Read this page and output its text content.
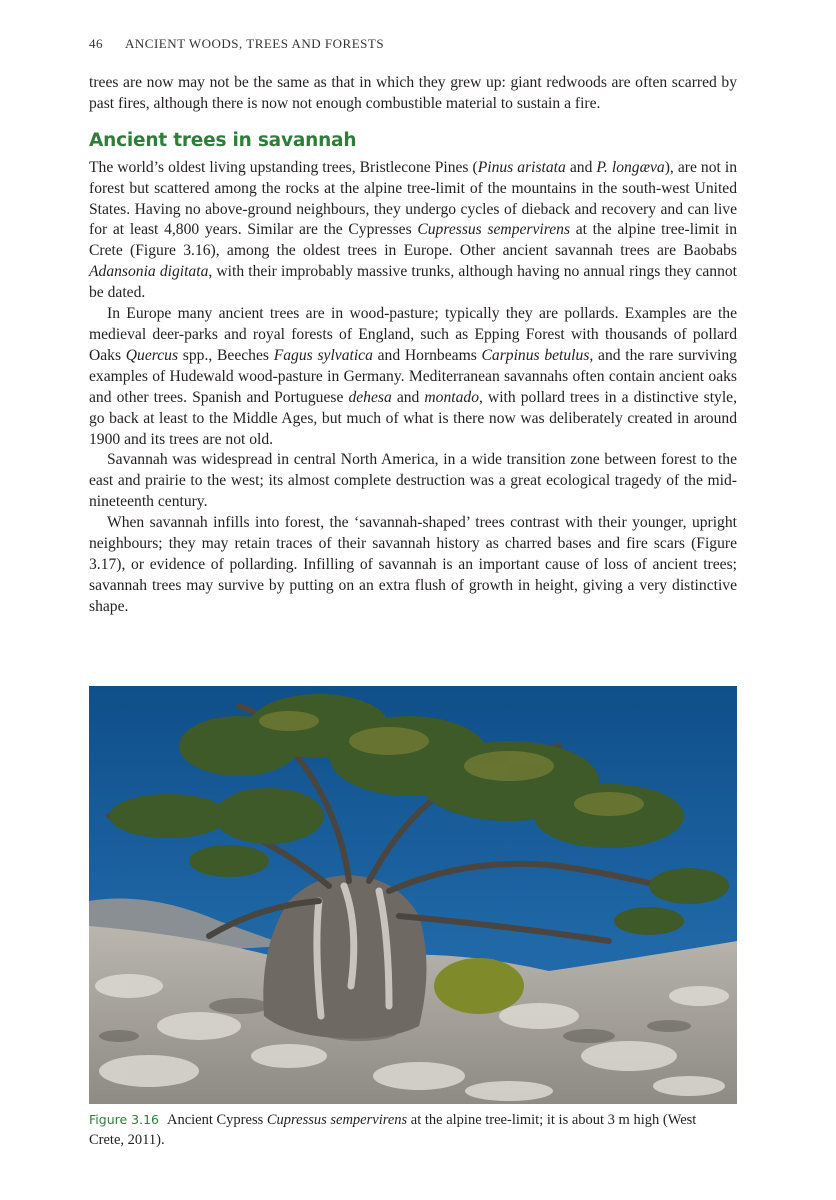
46 ANCIENT WOODS, TREES AND FORESTS

trees are now may not be the same as that in which they grew up: giant redwoods are often scarred by past fires, although there is now not enough combustible material to sustain a fire.

Ancient trees in savannah

The world’s oldest living upstanding trees, Bristlecone Pines (Pinus aristata and P. longæva), are not in forest but scattered among the rocks at the alpine tree-limit of the mountains in the south-west United States. Having no above-ground neighbours, they undergo cycles of dieback and recovery and can live for at least 4,800 years. Similar are the Cypresses Cupressus sempervirens at the alpine tree-limit in Crete (Figure 3.16), among the oldest trees in Europe. Other ancient savannah trees are Baobabs Adansonia digitata, with their improbably massive trunks, although having no annual rings they cannot be dated.

In Europe many ancient trees are in wood-pasture; typically they are pollards. Examples are the medieval deer-parks and royal forests of England, such as Epping Forest with thousands of pollard Oaks Quercus spp., Beeches Fagus sylvatica and Hornbeams Carpinus betulus, and the rare surviving examples of Hudewald wood-pasture in Germany. Mediterranean savannahs often contain ancient oaks and other trees. Spanish and Portuguese dehesa and montado, with pollard trees in a distinctive style, go back at least to the Middle Ages, but much of what is there now was deliberately created in around 1900 and its trees are not old.

Savannah was widespread in central North America, in a wide transition zone between forest to the east and prairie to the west; its almost complete destruction was a great ecological tragedy of the mid-nineteenth century.

When savannah infills into forest, the ‘savannah-shaped’ trees contrast with their younger, upright neighbours; they may retain traces of their savannah history as charred bases and fire scars (Figure 3.17), or evidence of pollarding. Infilling of savannah is an important cause of loss of ancient trees; savannah trees may survive by putting on an extra flush of growth in height, giving a very distinctive shape.

Figure 3.16 Ancient Cypress Cupressus sempervirens at the alpine tree-limit; it is about 3 m high (West Crete, 2011).
